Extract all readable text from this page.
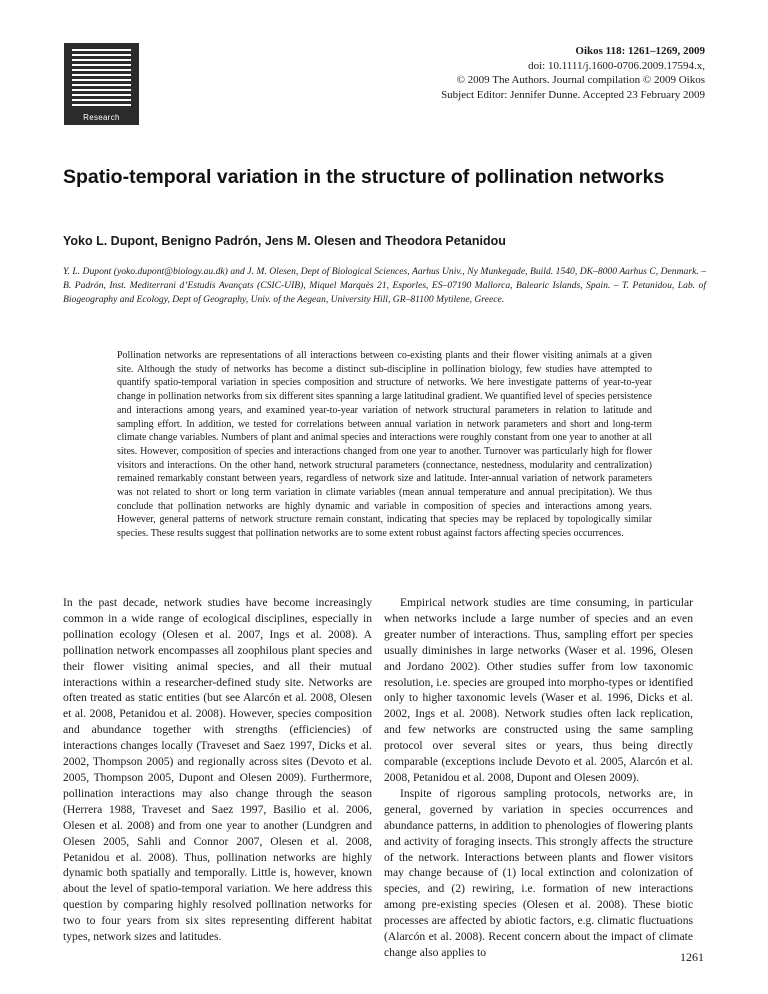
Research
Oikos 118: 1261–1269, 2009
doi: 10.1111/j.1600-0706.2009.17594.x,
© 2009 The Authors. Journal compilation © 2009 Oikos
Subject Editor: Jennifer Dunne. Accepted 23 February 2009
Spatio-temporal variation in the structure of pollination networks
Yoko L. Dupont, Benigno Padrón, Jens M. Olesen and Theodora Petanidou
Y. L. Dupont (yoko.dupont@biology.au.dk) and J. M. Olesen, Dept of Biological Sciences, Aarhus Univ., Ny Munkegade, Build. 1540, DK–8000 Aarhus C, Denmark. – B. Padrón, Inst. Mediterrani d’Estudis Avançats (CSIC-UIB), Miquel Marquès 21, Esporles, ES–07190 Mallorca, Balearic Islands, Spain. – T. Petanidou, Lab. of Biogeography and Ecology, Dept of Geography, Univ. of the Aegean, University Hill, GR–81100 Mytilene, Greece.
Pollination networks are representations of all interactions between co-existing plants and their flower visiting animals at a given site. Although the study of networks has become a distinct sub-discipline in pollination biology, few studies have attempted to quantify spatio-temporal variation in species composition and structure of networks. We here investigate patterns of year-to-year change in pollination networks from six different sites spanning a large latitudinal gradient. We quantified level of species persistence and interactions among years, and examined year-to-year variation of network structural parameters in relation to latitude and sampling effort. In addition, we tested for correlations between annual variation in network parameters and short and long-term climate change variables. Numbers of plant and animal species and interactions were roughly constant from one year to another at all sites. However, composition of species and interactions changed from one year to another. Turnover was particularly high for flower visitors and interactions. On the other hand, network structural parameters (connectance, nestedness, modularity and centralization) remained remarkably constant between years, regardless of network size and latitude. Inter-annual variation of network parameters was not related to short or long term variation in climate variables (mean annual temperature and annual precipitation). We thus conclude that pollination networks are highly dynamic and variable in composition of species and interactions among years. However, general patterns of network structure remain constant, indicating that species may be replaced by topologically similar species. These results suggest that pollination networks are to some extent robust against factors affecting species occurrences.

In the past decade, network studies have become increasingly common in a wide range of ecological disciplines, especially in pollination ecology (Olesen et al. 2007, Ings et al. 2008). A pollination network encompasses all zoophilous plant species and their flower visiting animal species, and all their mutual interactions within a researcher-defined study site. Networks are often treated as static entities (but see Alarcón et al. 2008, Olesen et al. 2008, Petanidou et al. 2008). However, species composition and abundance together with strengths (efficiencies) of interactions changes locally (Traveset and Saez 1997, Dicks et al. 2002, Thompson 2005) and regionally across sites (Devoto et al. 2005, Thompson 2005, Dupont and Olesen 2009). Furthermore, pollination interactions may also change through the season (Herrera 1988, Traveset and Saez 1997, Basilio et al. 2006, Olesen et al. 2008) and from one year to another (Lundgren and Olesen 2005, Sahli and Connor 2007, Olesen et al. 2008, Petanidou et al. 2008). Thus, pollination networks are highly dynamic both spatially and temporally. Little is, however, known about the level of spatio-temporal variation. We here address this question by comparing highly resolved pollination networks for two to four years from six sites representing different habitat types, network sizes and latitudes.

Empirical network studies are time consuming, in particular when networks include a large number of species and an even greater number of interactions. Thus, sampling effort per species usually diminishes in large networks (Waser et al. 1996, Olesen and Jordano 2002). Other studies suffer from low taxonomic resolution, i.e. species are grouped into morpho-types or identified only to higher taxonomic levels (Waser et al. 1996, Dicks et al. 2002, Ings et al. 2008). Network studies often lack replication, and few networks are constructed using the same sampling protocol over several sites or years, thus being directly comparable (exceptions include Devoto et al. 2005, Alarcón et al. 2008, Petanidou et al. 2008, Dupont and Olesen 2009).

Inspite of rigorous sampling protocols, networks are, in general, governed by variation in species occurrences and abundance patterns, in addition to phenologies of flowering plants and activity of foraging insects. This strongly affects the structure of the network. Interactions between plants and flower visitors may change because of (1) local extinction and colonization of species, and (2) rewiring, i.e. formation of new interactions among pre-existing species (Olesen et al. 2008). These biotic processes are affected by abiotic factors, e.g. climatic fluctuations (Alarcón et al. 2008). Recent concern about the impact of climate change also applies to	1261
